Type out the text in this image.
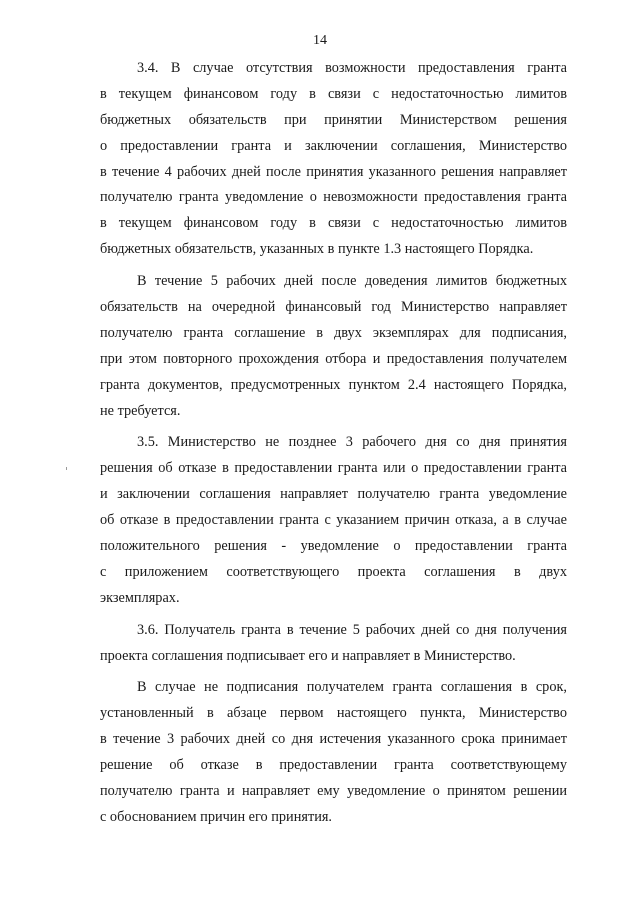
14
3.4. В случае отсутствия возможности предоставления гранта
в текущем финансовом году в связи с недостаточностью лимитов
бюджетных обязательств при принятии Министерством решения
о предоставлении гранта и заключении соглашения, Министерство
в течение 4 рабочих дней после принятия указанного решения направляет
получателю гранта уведомление о невозможности предоставления гранта
в текущем финансовом году в связи с недостаточностью лимитов
бюджетных обязательств, указанных в пункте 1.3 настоящего Порядка.
В течение 5 рабочих дней после доведения лимитов бюджетных
обязательств на очередной финансовый год Министерство направляет
получателю гранта соглашение в двух экземплярах для подписания,
при этом повторного прохождения отбора и предоставления получателем
гранта документов, предусмотренных пунктом 2.4 настоящего Порядка,
не требуется.
3.5. Министерство не позднее 3 рабочего дня со дня принятия
решения об отказе в предоставлении гранта или о предоставлении гранта
и заключении соглашения направляет получателю гранта уведомление
об отказе в предоставлении гранта с указанием причин отказа, а в случае
положительного решения - уведомление о предоставлении гранта
с приложением соответствующего проекта соглашения в двух
экземплярах.
3.6. Получатель гранта в течение 5 рабочих дней со дня получения
проекта соглашения подписывает его и направляет в Министерство.
В случае не подписания получателем гранта соглашения в срок,
установленный в абзаце первом настоящего пункта, Министерство
в течение 3 рабочих дней со дня истечения указанного срока принимает
решение об отказе в предоставлении гранта соответствующему
получателю гранта и направляет ему уведомление о принятом решении
с обоснованием причин его принятия.
